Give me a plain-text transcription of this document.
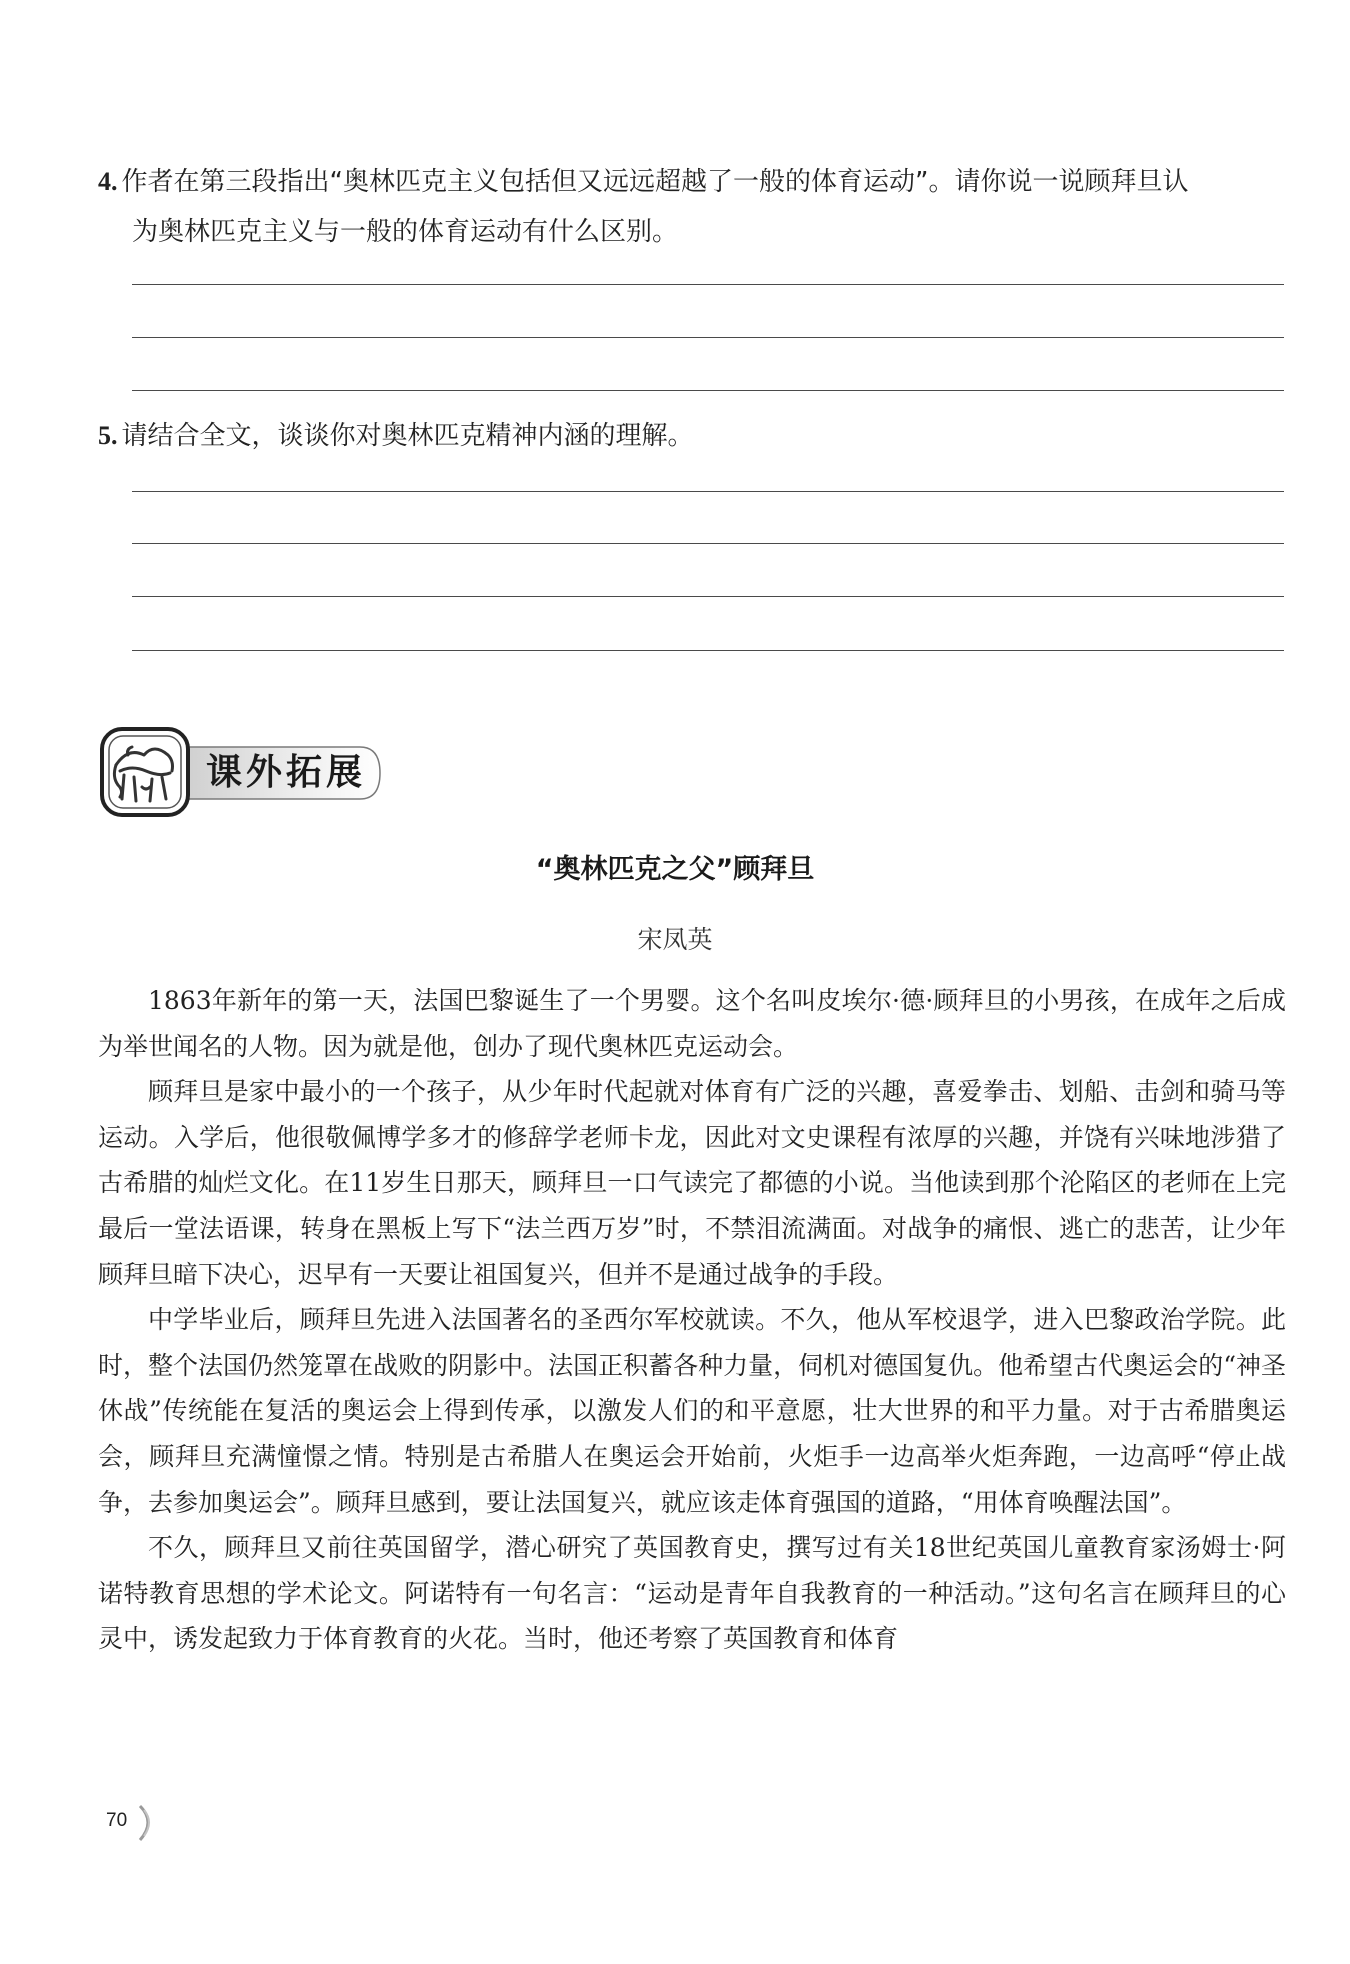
4. 作者在第三段指出“奥林匹克主义包括但又远远超越了一般的体育运动”。请你说一说顾拜旦认
为奥林匹克主义与一般的体育运动有什么区别。
5. 请结合全文，谈谈你对奥林匹克精神内涵的理解。
课外拓展
“奥林匹克之父”顾拜旦
宋凤英

1863年新年的第一天，法国巴黎诞生了一个男婴。这个名叫皮埃尔·德·顾拜旦的小男孩，在成年之后成为举世闻名的人物。因为就是他，创办了现代奥林匹克运动会。

顾拜旦是家中最小的一个孩子，从少年时代起就对体育有广泛的兴趣，喜爱拳击、划船、击剑和骑马等运动。入学后，他很敬佩博学多才的修辞学老师卡龙，因此对文史课程有浓厚的兴趣，并饶有兴味地涉猎了古希腊的灿烂文化。在11岁生日那天，顾拜旦一口气读完了都德的小说。当他读到那个沦陷区的老师在上完最后一堂法语课，转身在黑板上写下“法兰西万岁”时，不禁泪流满面。对战争的痛恨、逃亡的悲苦，让少年顾拜旦暗下决心，迟早有一天要让祖国复兴，但并不是通过战争的手段。

中学毕业后，顾拜旦先进入法国著名的圣西尔军校就读。不久，他从军校退学，进入巴黎政治学院。此时，整个法国仍然笼罩在战败的阴影中。法国正积蓄各种力量，伺机对德国复仇。他希望古代奥运会的“神圣休战”传统能在复活的奥运会上得到传承，以激发人们的和平意愿，壮大世界的和平力量。对于古希腊奥运会，顾拜旦充满憧憬之情。特别是古希腊人在奥运会开始前，火炬手一边高举火炬奔跑，一边高呼“停止战争，去参加奥运会”。顾拜旦感到，要让法国复兴，就应该走体育强国的道路，“用体育唤醒法国”。

不久，顾拜旦又前往英国留学，潜心研究了英国教育史，撰写过有关18世纪英国儿童教育家汤姆士·阿诺特教育思想的学术论文。阿诺特有一句名言：“运动是青年自我教育的一种活动。”这句名言在顾拜旦的心灵中，诱发起致力于体育教育的火花。当时，他还考察了英国教育和体育

70
